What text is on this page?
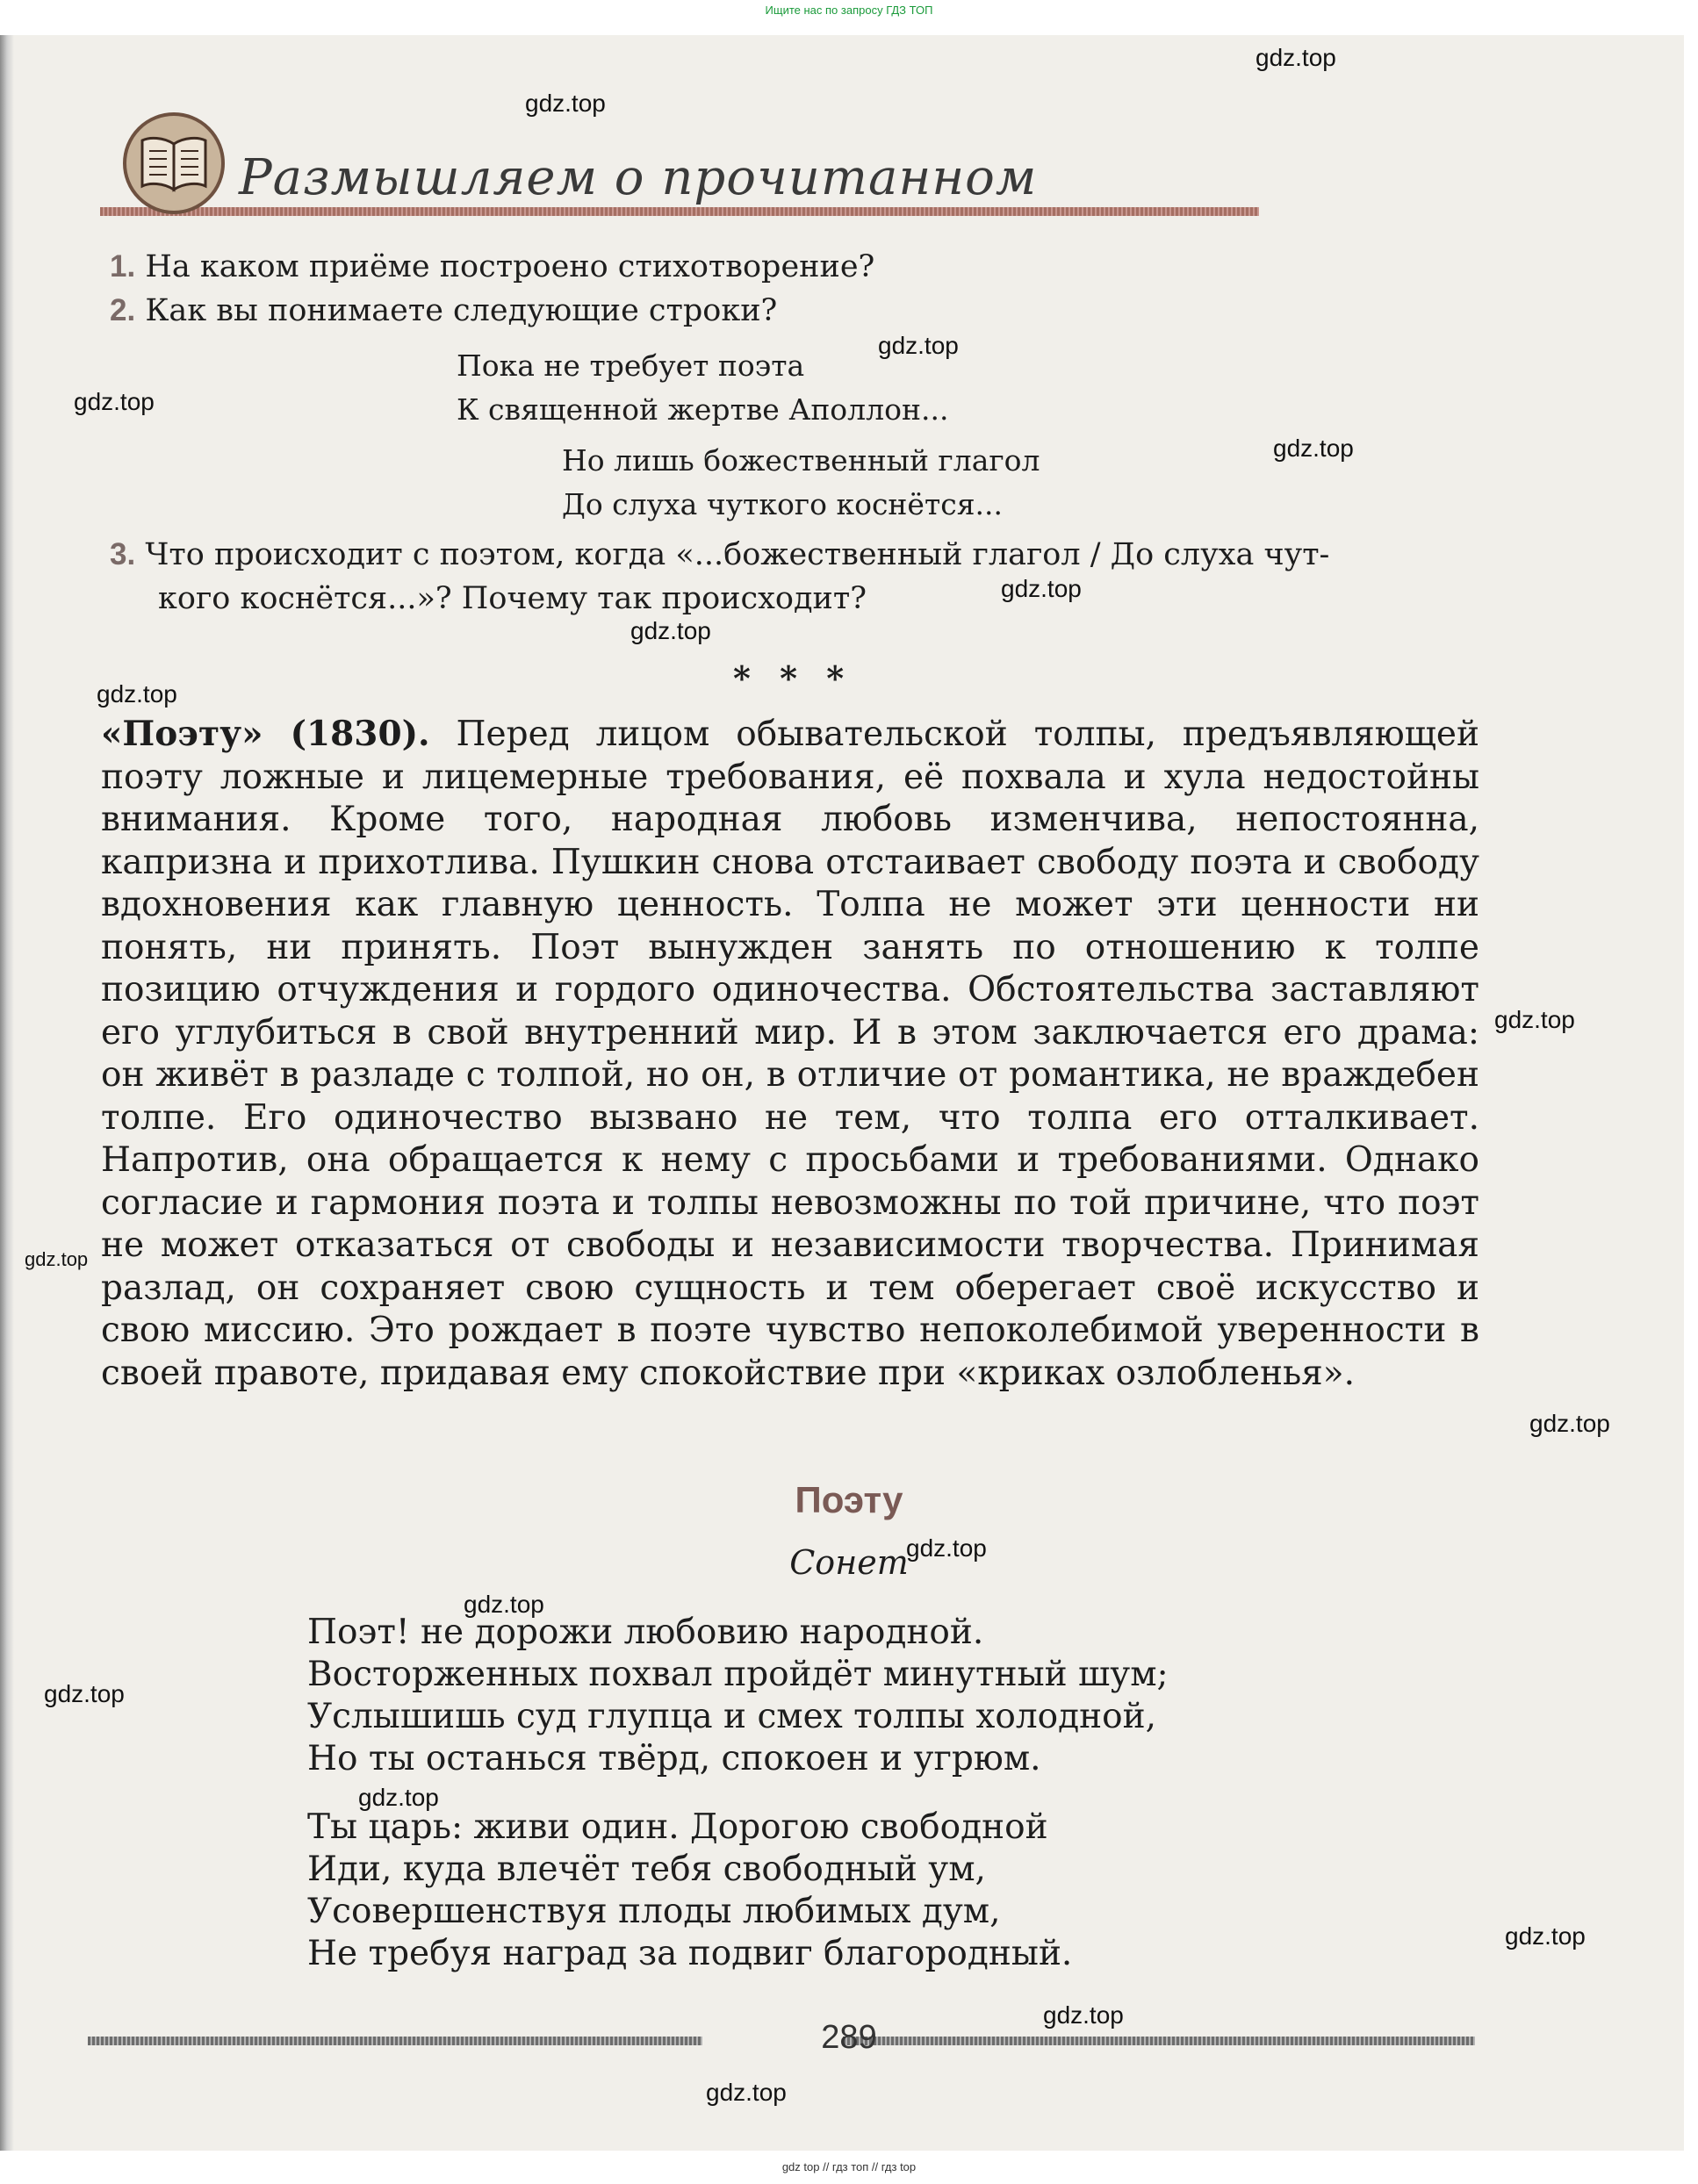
Ищите нас по запросу ГДЗ ТОП
Размышляем о прочитанном
1. На каком приёме построено стихотворение?
2. Как вы понимаете следующие строки?
Пока не требует поэта
К священной жертве Аполлон...
Но лишь божественный глагол
До слуха чуткого коснётся...
3. Что происходит с поэтом, когда «...божественный глагол / До слуха чут-
кого коснётся...»? Почему так происходит?
* * *
«Поэту» (1830). Перед лицом обывательской толпы, предъявляющей поэту ложные и лицемерные требования, её похвала и хула недостойны внимания. Кроме того, народная любовь изменчива, непостоянна, капризна и прихотлива. Пушкин снова отстаивает свободу поэта и свободу вдохновения как главную ценность. Толпа не может эти ценности ни понять, ни принять. Поэт вынужден занять по отношению к толпе позицию отчуждения и гордого одиночества. Обстоятельства заставляют его углубиться в свой внутренний мир. И в этом заключается его драма: он живёт в разладе с толпой, но он, в отличие от романтика, не враждебен толпе. Его одиночество вызвано не тем, что толпа его отталкивает. Напротив, она обращается к нему с просьбами и требованиями. Однако согласие и гармония поэта и толпы невозможны по той причине, что поэт не может отказаться от свободы и независимости творчества. Принимая разлад, он сохраняет свою сущность и тем оберегает своё искусство и свою миссию. Это рождает в поэте чувство непоколебимой уверенности в своей правоте, придавая ему спокойствие при «криках озлобленья».
Поэту
Сонет
Поэт! не дорожи любовию народной.
Восторженных похвал пройдёт минутный шум;
Услышишь суд глупца и смех толпы холодной,
Но ты останься твёрд, спокоен и угрюм.
Ты царь: живи один. Дорогою свободной
Иди, куда влечёт тебя свободный ум,
Усовершенствуя плоды любимых дум,
Не требуя наград за подвиг благородный.
289
gdz.top
gdz.top
gdz.top
gdz.top
gdz.top
gdz.top
gdz.top
gdz.top
gdz.top
gdz.top
gdz.top
gdz.top
gdz.top
gdz.top
gdz.top
gdz.top
gdz.top
gdz.top
gdz top // гдз топ // гдз top
